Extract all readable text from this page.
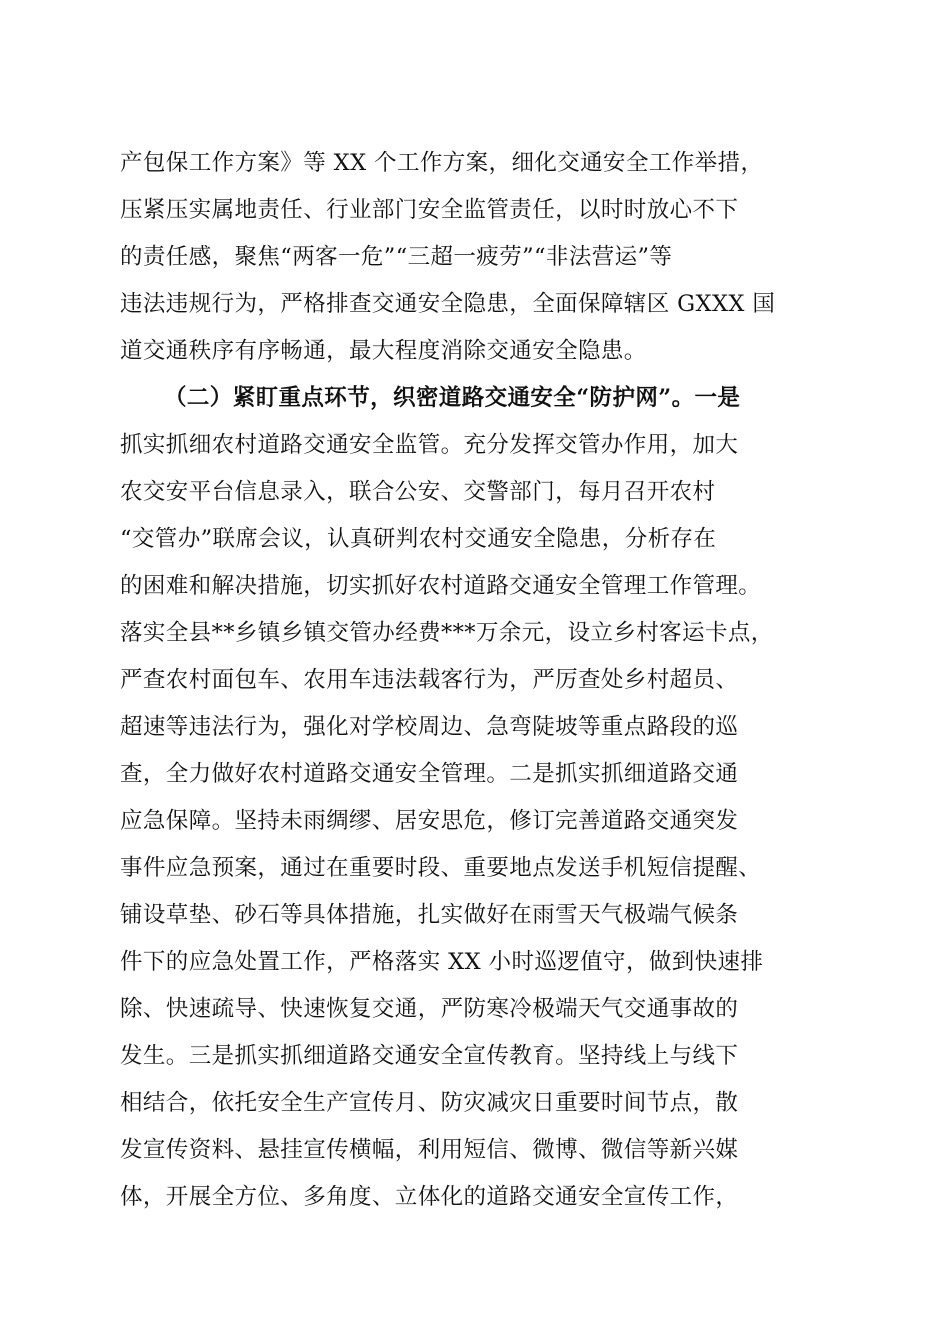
产包保工作方案》等 XX 个工作方案，细化交通安全工作举措，
压紧压实属地责任、行业部门安全监管责任，以时时放心不下
的责任感，聚焦“两客一危”“三超一疲劳”“非法营运”等
违法违规行为，严格排查交通安全隐患，全面保障辖区 GXXX 国
道交通秩序有序畅通，最大程度消除交通安全隐患。
（二）紧盯重点环节，织密道路交通安全“防护网”。一是
抓实抓细农村道路交通安全监管。充分发挥交管办作用，加大
农交安平台信息录入，联合公安、交警部门，每月召开农村
“交管办”联席会议，认真研判农村交通安全隐患，分析存在
的困难和解决措施，切实抓好农村道路交通安全管理工作管理。
落实全县**乡镇乡镇交管办经费***万余元，设立乡村客运卡点，
严查农村面包车、农用车违法载客行为，严厉查处乡村超员、
超速等违法行为，强化对学校周边、急弯陡坡等重点路段的巡
查，全力做好农村道路交通安全管理。二是抓实抓细道路交通
应急保障。坚持未雨绸缪、居安思危，修订完善道路交通突发
事件应急预案，通过在重要时段、重要地点发送手机短信提醒、
铺设草垫、砂石等具体措施，扎实做好在雨雪天气极端气候条
件下的应急处置工作，严格落实 XX 小时巡逻值守，做到快速排
除、快速疏导、快速恢复交通，严防寒冷极端天气交通事故的
发生。三是抓实抓细道路交通安全宣传教育。坚持线上与线下
相结合，依托安全生产宣传月、防灾减灾日重要时间节点，散
发宣传资料、悬挂宣传横幅，利用短信、微博、微信等新兴媒
体，开展全方位、多角度、立体化的道路交通安全宣传工作，
